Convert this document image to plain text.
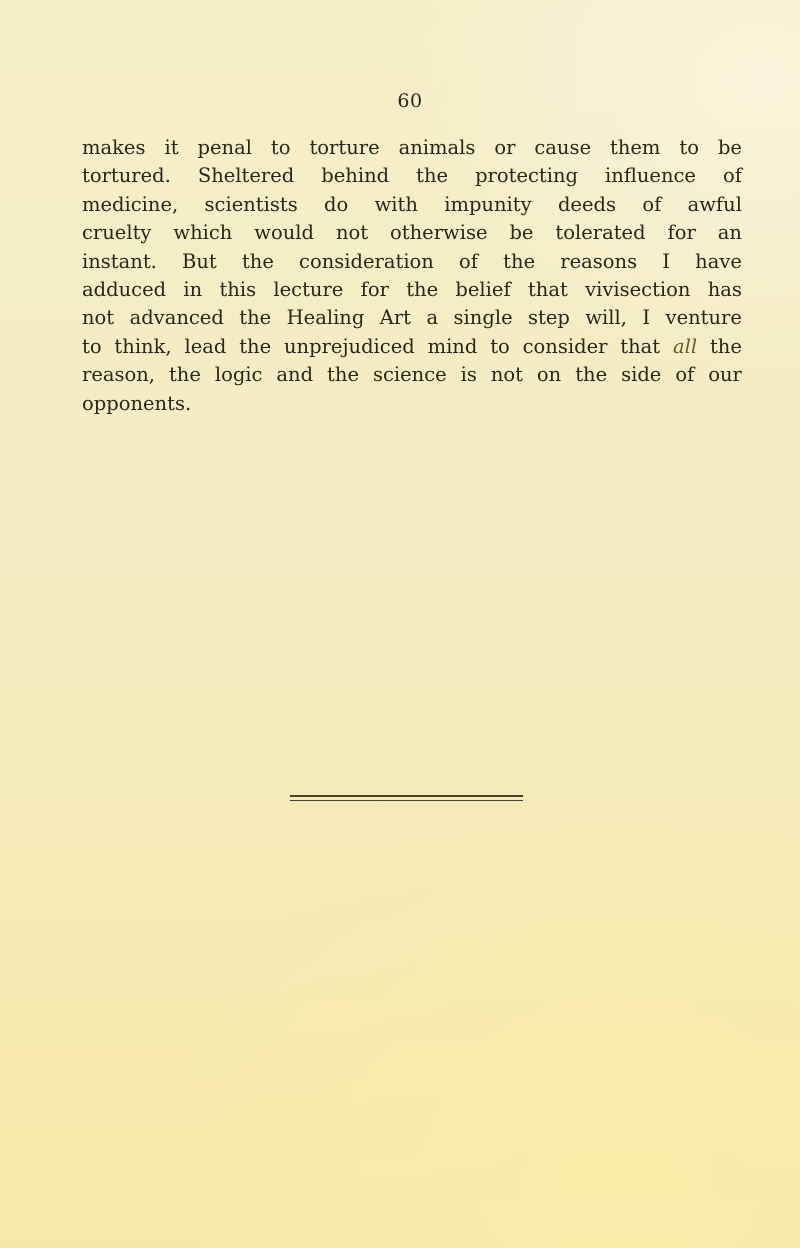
60
makes it penal to torture animals or cause them to be
tortured. Sheltered behind the protecting influence of
medicine, scientists do with impunity deeds of awful
cruelty which would not otherwise be tolerated for an
instant. But the consideration of the reasons I have
adduced in this lecture for the belief that vivisection has
not advanced the Healing Art a single step will, I venture
to think, lead the unprejudiced mind to consider that all the
reason, the logic and the science is not on the side of our
opponents.
